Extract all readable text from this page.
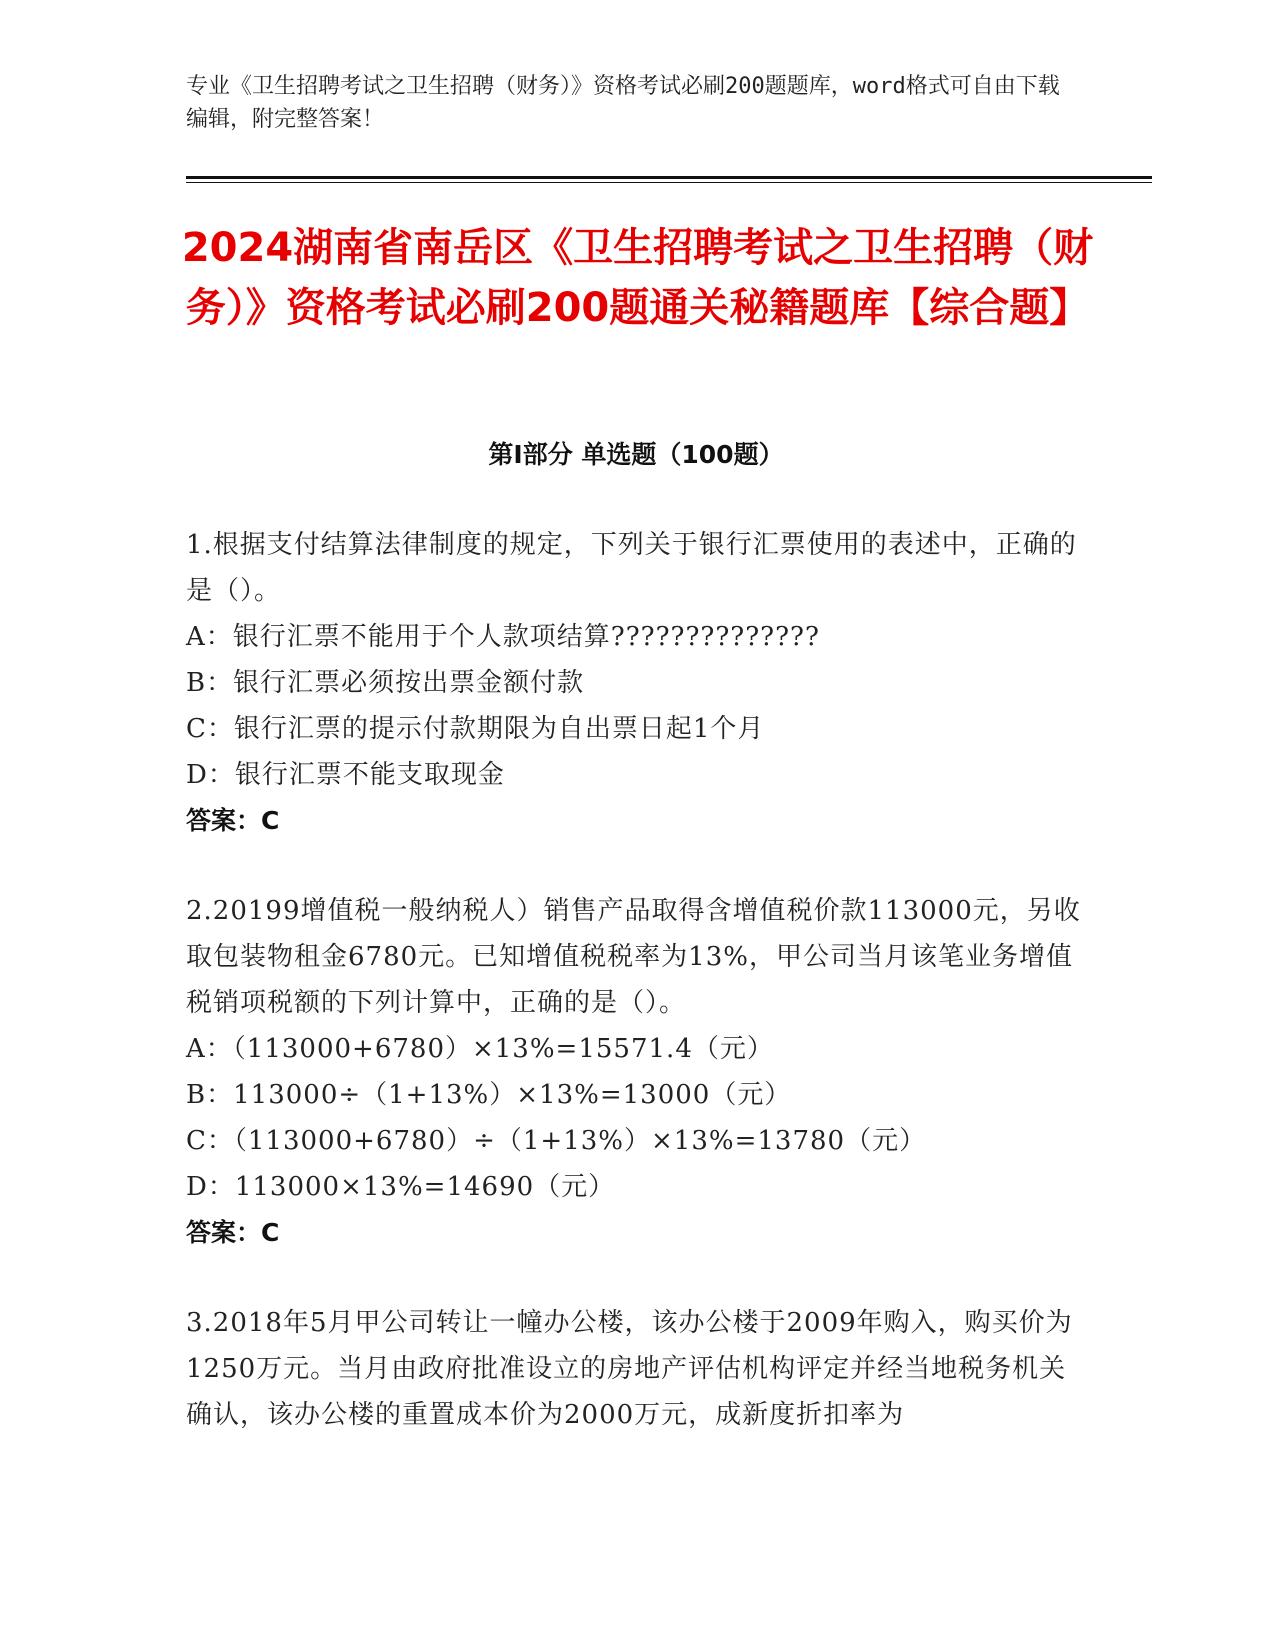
专业《卫生招聘考试之卫生招聘（财务）》资格考试必刷200题题库，word格式可自由下载编辑，附完整答案！
2024湖南省南岳区《卫生招聘考试之卫生招聘（财务）》资格考试必刷200题通关秘籍题库【综合题】
第Ⅰ部分 单选题（100题）
1.根据支付结算法律制度的规定，下列关于银行汇票使用的表述中，正确的是（）。
A：银行汇票不能用于个人款项结算??????????????
B：银行汇票必须按出票金额付款
C：银行汇票的提示付款期限为自出票日起1个月
D：银行汇票不能支取现金
答案：C
2.20199增值税一般纳税人）销售产品取得含增值税价款113000元，另收取包装物租金6780元。已知增值税税率为13%，甲公司当月该笔业务增值税销项税额的下列计算中，正确的是（）。
A：（113000+6780）×13%=15571.4（元）
B：113000÷（1+13%）×13%=13000（元）
C：（113000+6780）÷（1+13%）×13%=13780（元）
D：113000×13%=14690（元）
答案：C
3.2018年5月甲公司转让一幢办公楼，该办公楼于2009年购入，购买价为1250万元。当月由政府批准设立的房地产评估机构评定并经当地税务机关确认，该办公楼的重置成本价为2000万元，成新度折扣率为
